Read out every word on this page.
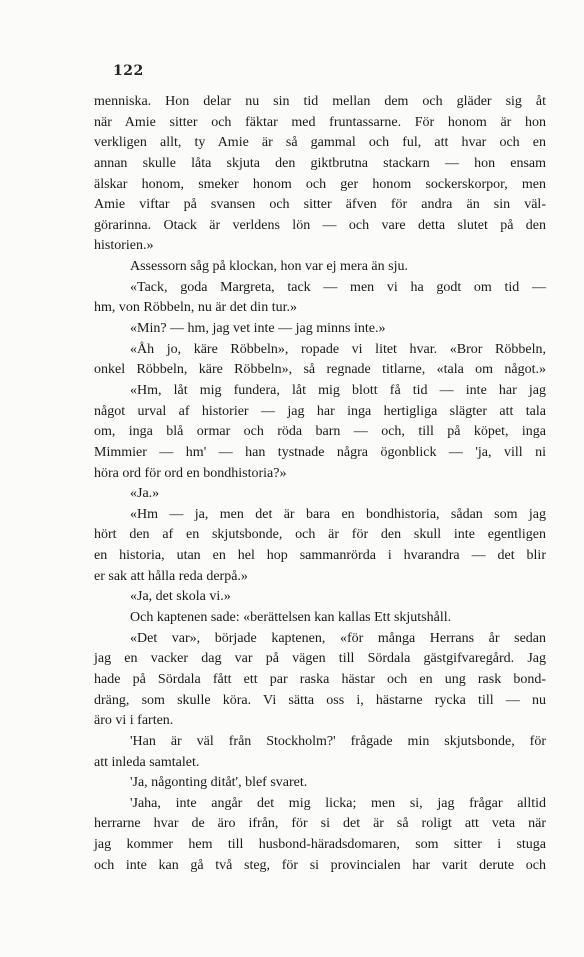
122
menniska. Hon delar nu sin tid mellan dem och gläder sig åt
när Amie sitter och fäktar med fruntassarne. För honom är hon
verkligen allt, ty Amie är så gammal och ful, att hvar och en
annan skulle låta skjuta den giktbrutna stackarn — hon ensam
älskar honom, smeker honom och ger honom sockerskorpor, men
Amie viftar på svansen och sitter äfven för andra än sin väl-
görarinna. Otack är verldens lön — och vare detta slutet på den
historien.»
Assessorn såg på klockan, hon var ej mera än sju.
«Tack, goda Margreta, tack — men vi ha godt om tid —
hm, von Röbbeln, nu är det din tur.»
«Min? — hm, jag vet inte — jag minns inte.»
«Åh jo, käre Röbbeln», ropade vi litet hvar. «Bror Röbbeln,
onkel Röbbeln, käre Röbbeln», så regnade titlarne, «tala om något.»
«Hm, låt mig fundera, låt mig blott få tid — inte har jag
något urval af historier — jag har inga hertigliga slägter att tala
om, inga blå ormar och röda barn — och, till på köpet, inga
Mimmier — hm' — han tystnade några ögonblick — 'ja, vill ni
höra ord för ord en bondhistoria?»
«Ja.»
«Hm — ja, men det är bara en bondhistoria, sådan som jag
hört den af en skjutsbonde, och är för den skull inte egentligen
en historia, utan en hel hop sammanrörda i hvarandra — det blir
er sak att hålla reda derpå.»
«Ja, det skola vi.»
Och kaptenen sade: «berättelsen kan kallas Ett skjutshåll.
«Det var», började kaptenen, «för många Herrans år sedan
jag en vacker dag var på vägen till Sördala gästgifvaregård. Jag
hade på Sördala fått ett par raska hästar och en ung rask bond-
dräng, som skulle köra. Vi sätta oss i, hästarne rycka till — nu
äro vi i farten.
'Han är väl från Stockholm?' frågade min skjutsbonde, för
att inleda samtalet.
'Ja, någonting ditåt', blef svaret.
'Jaha, inte angår det mig licka; men si, jag frågar alltid
herrarne hvar de äro ifrån, för si det är så roligt att veta när
jag kommer hem till husbond-häradsdomaren, som sitter i stuga
och inte kan gå två steg, för si provincialen har varit derute och
